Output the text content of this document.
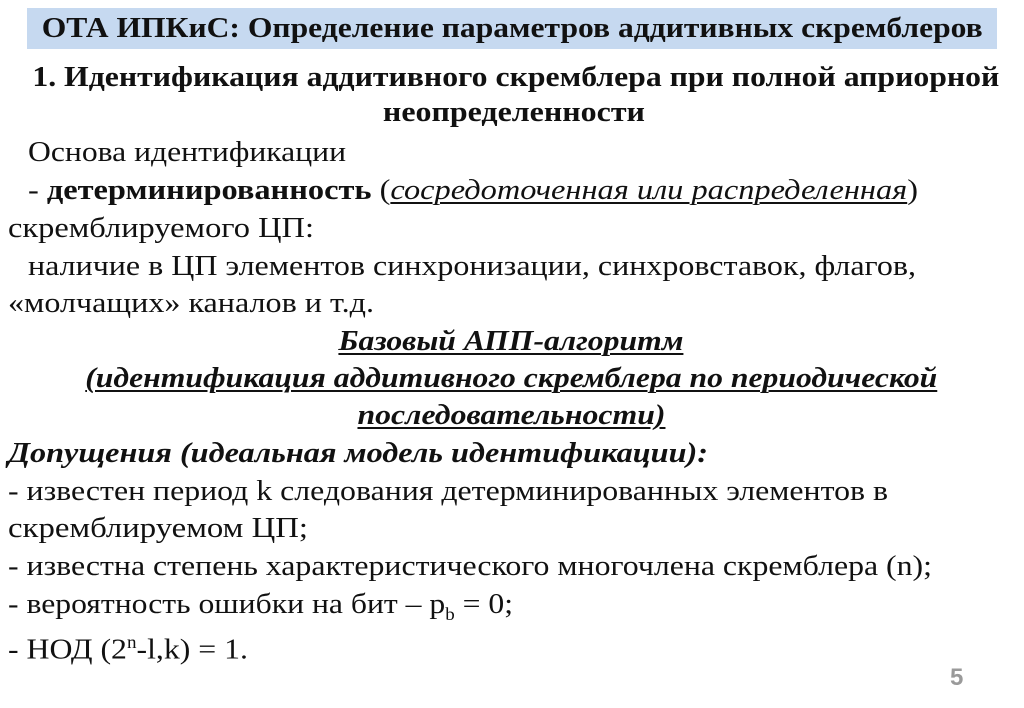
ОТА ИПКиС: Определение параметров аддитивных скремблеров
1. Идентификация аддитивного скремблера при полной априорной
неопределенности
Основа идентификации
- детерминированность (сосредоточенная или распределенная)
скремблируемого ЦП:
наличие в ЦП элементов синхронизации, синхровставок, флагов,
«молчащих» каналов и т.д.
Базовый АПП-алгоритм
(идентификация аддитивного скремблера по периодической
последовательности)
Допущения (идеальная модель идентификации):
- известен период k следования детерминированных элементов в
скремблируемом ЦП;
- известна степень характеристического многочлена скремблера (n);
- вероятность ошибки на бит – $p_b = 0$;
- НОД $(2^n-l,k) = 1$.
5
